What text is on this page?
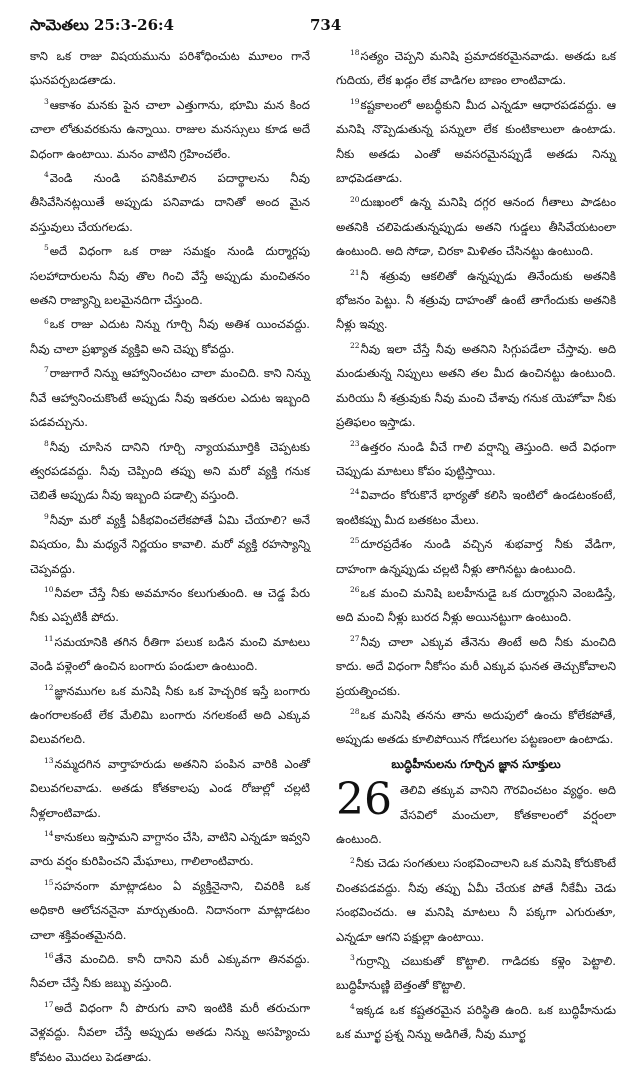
సామెతలు 25:3-26:4	734

కాని ఒక రాజు విషయమును పరిశోధించుట మూలం గానే ఘనపర్చబడతాడు.

$^3$ఆకాశం మనకు పైన చాలా ఎత్తుగాను, భూమి మన కింద చాలా లోతువరకును ఉన్నాయి. రాజుల మనస్సులు కూడ అదే విధంగా ఉంటాయి. మనం వాటిని గ్రహించలేం.

$^4$వెండి నుండి పనికిమాలిన పదార్థాలను నీవు తీసివేసినట్లయితే అప్పుడు పనివాడు దానితో అంద మైన వస్తువులు చేయగలడు.

$^5$అదే విధంగా ఒక రాజు సమక్షం నుండి దుర్మార్గపు సలహాదారులను నీవు తొల గించి వేస్తే అప్పుడు మంచితనం అతని రాజ్యాన్ని బలమైనదిగా చేస్తుంది.

$^6$ఒక రాజు ఎదుట నిన్ను గూర్చి నీవు అతిశ యించవద్దు. నీవు చాలా ప్రఖ్యాత వ్యక్తివి అని చెప్పు కోవద్దు.

$^7$రాజుగారే నిన్ను ఆహ్వానించటం చాలా మంచిది. కాని నిన్ను నీవే ఆహ్వానించుకొంటే అప్పుడు నీవు ఇతరుల ఎదుట ఇబ్బంది పడవచ్చును.

$^8$నీవు చూసిన దానిని గూర్చి న్యాయమూర్తికి చెప్పటకు త్వరపడవద్దు. నీవు చెప్పింది తప్పు అని మరో వ్యక్తి గనుక చెబితే అప్పుడు నీవు ఇబ్బంది పడాల్సి వస్తుంది.

$^9$నీవూ మరో వ్యక్తీ ఏకీభవించలేకపోతే ఏమి చేయాలి? అనే విషయం, మీ మధ్యనే నిర్ణయం కావాలి. మరో వ్యక్తి రహస్యాన్ని చెప్పవద్దు.

$^{10}$నీవలా చేస్తే నీకు అవమానం కలుగుతుంది. ఆ చెడ్డ పేరు నీకు ఎప్పటికీ పోదు.

$^{11}$సమయానికి తగిన రీతిగా పలుక బడిన మంచి మాటలు వెండి పళ్లెంలో ఉంచిన బంగారు పండులా ఉంటుంది.

$^{12}$జ్ఞానముగల ఒక మనిషి నీకు ఒక హెచ్చరిక ఇస్తే బంగారు ఉంగరాలకంటే లేక మేలిమి బంగారు నగలకంటే అది ఎక్కువ విలువగలది.

$^{13}$నమ్మదగిన వార్తాహరుడు అతనిని పంపిన వారికి ఎంతో విలువగలవాడు. అతడు కోతకాలపు ఎండ రోజుల్లో చల్లటి నీళ్లలాంటివాడు.

$^{14}$కానుకలు ఇస్తామని వాగ్దానం చేసి, వాటిని ఎన్నడూ ఇవ్వని వారు వర్షం కురిపించని మేఘాలు, గాలిలాంటివారు.

$^{15}$సహనంగా మాట్లాడటం ఏ వ్యక్తినైనాని, చివరికి ఒక అధికారి ఆలోచననైనా మార్చుతుంది. నిదానంగా మాట్లాడటం చాలా శక్తివంతమైనది.

$^{16}$తేనె మంచిది. కానీ దానిని మరీ ఎక్కువగా తినవద్దు. నీవలా చేస్తే నీకు జబ్బు వస్తుంది.

$^{17}$అదే విధంగా నీ పొరుగు వాని ఇంటికి మరీ తరుచుగా వెళ్లవద్దు. నీవలా చేస్తే అప్పుడు అతడు నిన్ను అసహ్యించు కోవటం మొదలు పెడతాడు.

$^{18}$సత్యం చెప్పని మనిషి ప్రమాదకరమైనవాడు. అతడు ఒక గుదియ, లేక ఖడ్గం లేక వాడిగల బాణం లాంటివాడు.

$^{19}$కష్టకాలంలో అబద్ధీకుని మీద ఎన్నడూ ఆధారపడవద్దు. ఆ మనిషి నొప్పెడుతున్న పన్నులా లేక కుంటికాలులా ఉంటాడు. నీకు అతడు ఎంతో అవసరమైనప్పుడే అతడు నిన్ను బాధపెడతాడు.

$^{20}$దుఃఖంలో ఉన్న మనిషి దగ్గర ఆనంద గీతాలు పాడటం అతనికి చలిపెడుతున్నప్పుడు అతని గుడ్డలు తీసివేయటంలా ఉంటుంది. అది సోడా, చిరకా మిళితం చేసినట్టు ఉంటుంది.

$^{21}$నీ శత్రువు ఆకలితో ఉన్నప్పుడు తినేందుకు అతనికి భోజనం పెట్టు. నీ శత్రువు దాహంతో ఉంటే తాగేందుకు అతనికి నీళ్లు ఇవ్వు.

$^{22}$నీవు ఇలా చేస్తే నీవు అతనిని సిగ్గుపడేలా చేస్తావు. అది మండుతున్న నిప్పులు అతని తల మీద ఉంచినట్టు ఉంటుంది. మరియు నీ శత్రువుకు నీవు మంచి చేశావు గనుక యెహోవా నీకు ప్రతిఫలం ఇస్తాడు.

$^{23}$ఉత్తరం నుండి వీచే గాలి వర్షాన్ని తెస్తుంది. అదే విధంగా చెప్పుడు మాటలు కోపం పుట్టిస్తాయి.

$^{24}$వివాదం కోరుకొనే భార్యతో కలిసి ఇంటిలో ఉండటంకంటే, ఇంటికప్పు మీద బతకటం మేలు.

$^{25}$దూరప్రదేశం నుండి వచ్చిన శుభవార్త నీకు వేడిగా, దాహంగా ఉన్నప్పుడు చల్లటి నీళ్లు తాగినట్టు ఉంటుంది.

$^{26}$ఒక మంచి మనిషి బలహీనుడై ఒక దుర్మార్గుని వెంబడిస్తే, అది మంచి నీళ్లు బురద నీళ్లు అయినట్టుగా ఉంటుంది.

$^{27}$నీవు చాలా ఎక్కువ తేనెను తింటే అది నీకు మంచిది కాదు. అదే విధంగా నీకోసం మరీ ఎక్కువ ఘనత తెచ్చుకోవాలని ప్రయత్నించకు.

$^{28}$ఒక మనిషి తనను తాను అదుపులో ఉంచు కోలేకపోతే, అప్పుడు అతడు కూలిపోయిన గోడలుగల పట్టణంలా ఉంటాడు.

బుద్ధిహీనులను గూర్చిన జ్ఞాన సూక్తులు

26 తెలివి తక్కువ వానిని గౌరవించటం వ్యర్థం. అది వేసవిలో మంచులా, కోతకాలంలో వర్షంలా ఉంటుంది.

$^2$నీకు చెడు సంగతులు సంభవించాలని ఒక మనిషి కోరుకొంటే చింతపడవద్దు. నీవు తప్పు ఏమీ చేయక పోతే నీకేమీ చెడు సంభవించదు. ఆ మనిషి మాటలు నీ పక్కగా ఎగురుతూ, ఎన్నడూ ఆగని పక్షుల్లా ఉంటాయి.

$^3$గుర్రాన్ని చబుకుతో కొట్టాలి. గాడిదకు కళ్లెం పెట్టాలి. బుద్ధిహీనుణ్ణి బెత్తంతో కొట్టాలి.

$^4$ఇక్కడ ఒక కష్టతరమైన పరిస్థితి ఉంది. ఒక బుద్ధిహీనుడు ఒక మూర్ఖ ప్రశ్న నిన్ను అడిగితే, నీవు మూర్ఖ
